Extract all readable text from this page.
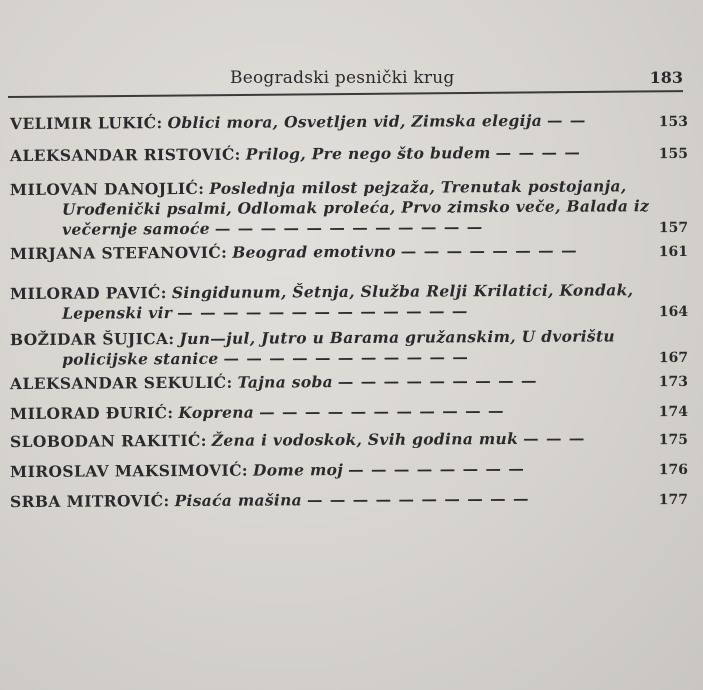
Beogradski pesnički krug	183
VELIMIR LUKIĆ: Oblici mora, Osvetljen vid, Zimska elegija — —	153
ALEKSANDAR RISTOVIĆ: Prilog, Pre nego što budem — — — —	155
MILOVAN DANOJLIĆ: Poslednja milost pejzaža, Trenutak postojanja,
Urođenički psalmi, Odlomak proleća, Prvo zimsko veče, Balada iz
večernje samoće — — — — — — — — — — — —	157
MIRJANA STEFANOVIĆ: Beograd emotivno — — — — — — — —	161
MILORAD PAVIĆ: Singidunum, Šetnja, Služba Relji Krilatici, Kondak,
Lepenski vir — — — — — — — — — — — — —	164
BOŽIDAR ŠUJICA: Jun—jul, Jutro u Barama gružanskim, U dvorištu
policijske stanice — — — — — — — — — — —	167
ALEKSANDAR SEKULIĆ: Tajna soba — — — — — — — — —	173
MILORAD ĐURIĆ: Koprena — — — — — — — — — — —	174
SLOBODAN RAKITIĆ: Žena i vodoskok, Svih godina muk — — —	175
MIROSLAV MAKSIMOVIĆ: Dome moj — — — — — — — —	176
SRBA MITROVIĆ: Pisaća mašina — — — — — — — — — —	177
